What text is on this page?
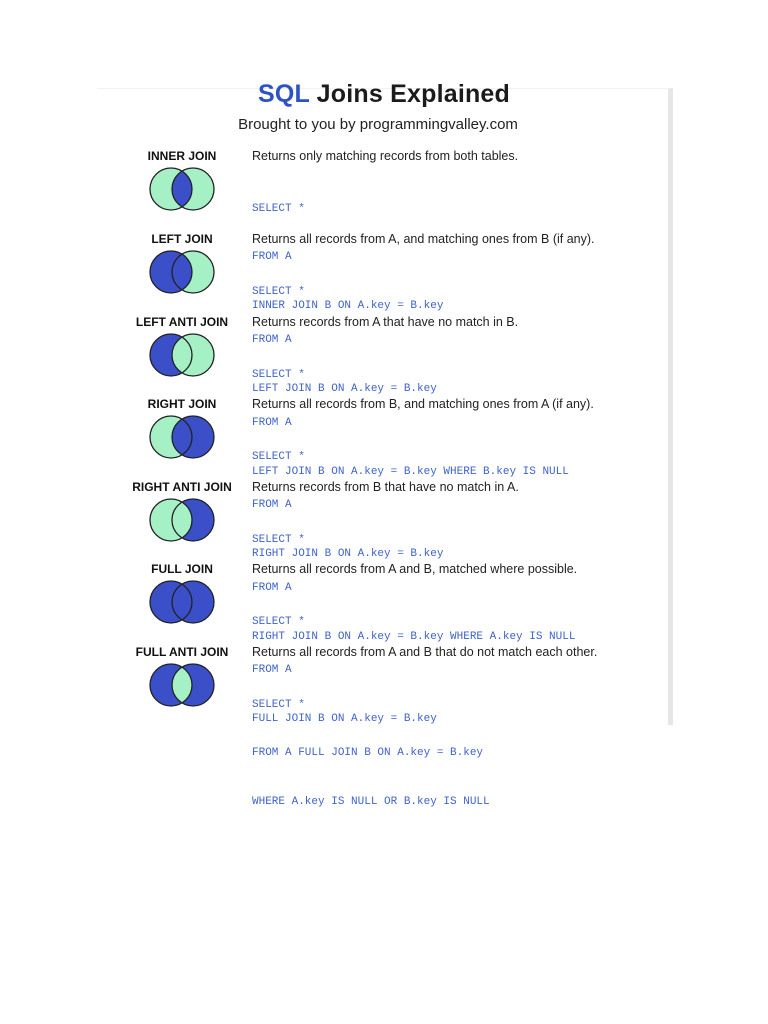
SQL Joins Explained
Brought to you by programmingvalley.com
INNER JOIN	Returns only matching records from both tables.

SELECT *

FROM A

INNER JOIN B ON A.key = B.key

LEFT JOIN	Returns all records from A, and matching ones from B (if any).

SELECT *

FROM A

LEFT JOIN B ON A.key = B.key

LEFT ANTI JOIN	Returns records from A that have no match in B.

SELECT *

FROM A

LEFT JOIN B ON A.key = B.key WHERE B.key IS NULL

RIGHT JOIN	Returns all records from B, and matching ones from A (if any).

SELECT *

FROM A

RIGHT JOIN B ON A.key = B.key

RIGHT ANTI JOIN	Returns records from B that have no match in A.

SELECT *

FROM A

RIGHT JOIN B ON A.key = B.key WHERE A.key IS NULL

FULL JOIN	Returns all records from A and B, matched where possible.

SELECT *

FROM A

FULL JOIN B ON A.key = B.key

FULL ANTI JOIN	Returns all records from A and B that do not match each other.

SELECT *

FROM A FULL JOIN B ON A.key = B.key

WHERE A.key IS NULL OR B.key IS NULL
